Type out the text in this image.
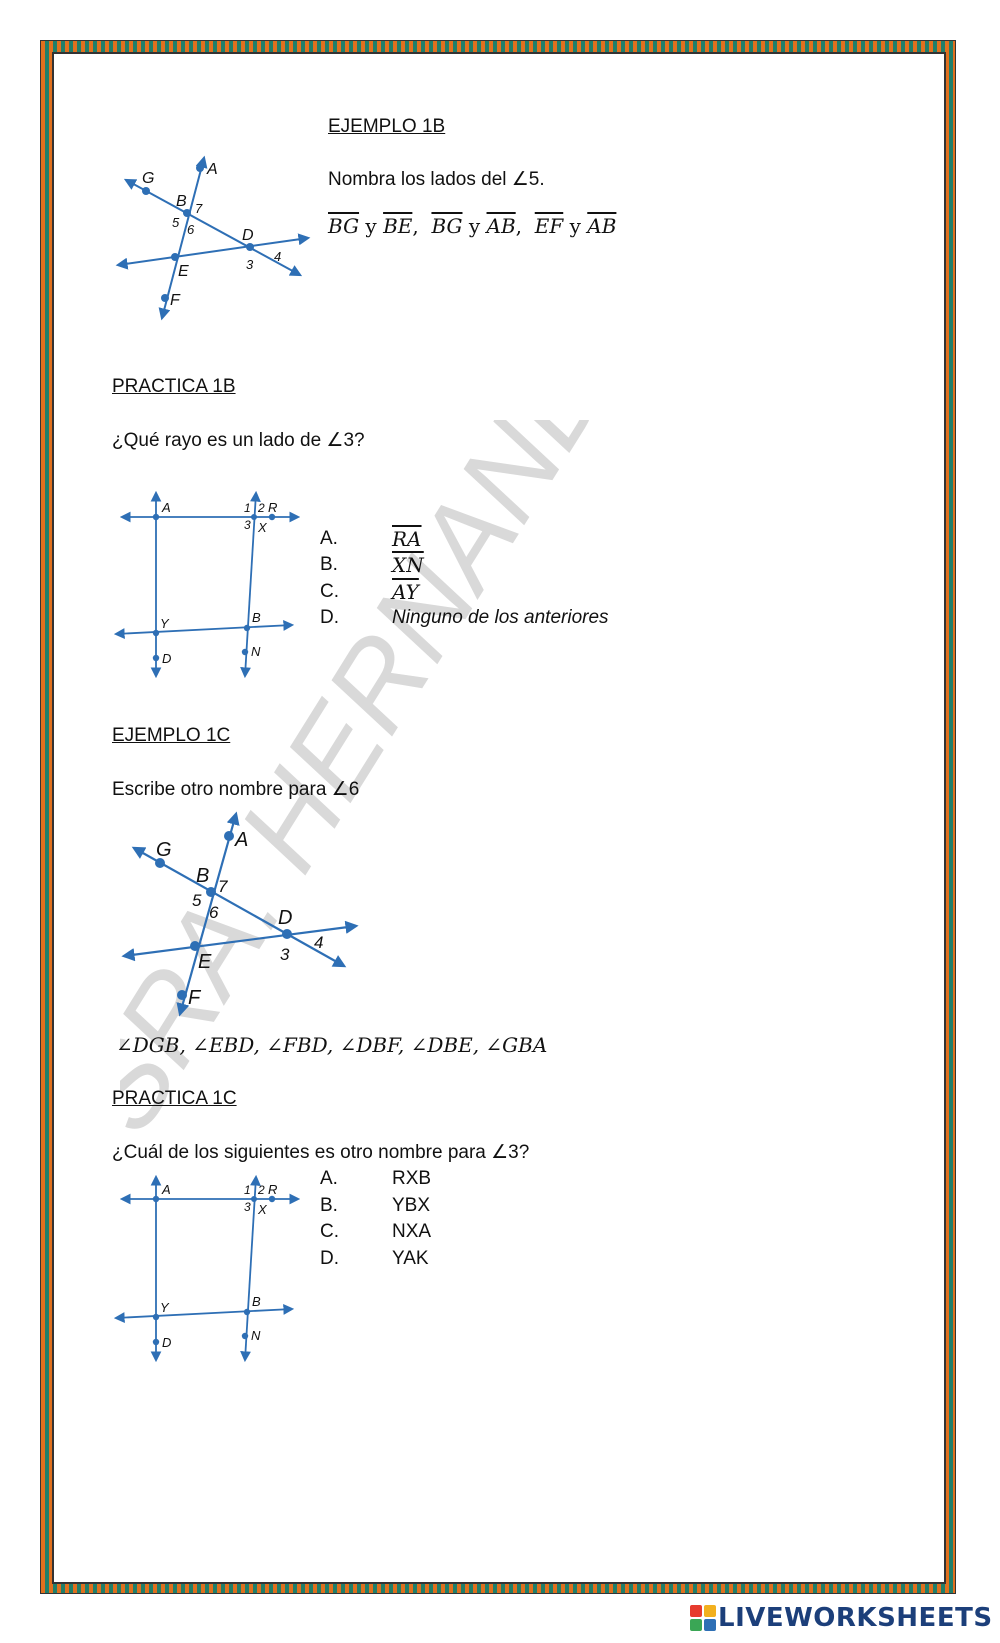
EJEMPLO 1B
Nombra los lados del ∠5.
$\overline{BG}$ y $\overline{BE}$, $\overline{BG}$ y $\overline{AB}$, $\overline{EF}$ y $\overline{AB}$
G
A
B
D
E
F
5 6
7
3
4
PRACTICA 1B
¿Qué rayo es un lado de ∠3?
A	R
X
Y	B
D	N
1 2
3
A.	$\overline{RA}$
B.	$\overline{XN}$
C.	$\overline{AY}$
D.	Ninguno de los anteriores
EJEMPLO 1C
Escribe otro nombre para ∠6
G	A
B
D
E
F
5
6
7
3
4
∠DGB, ∠EBD, ∠FBD, ∠DBF, ∠DBE, ∠GBA
PRACTICA 1C
¿Cuál de los siguientes es otro nombre para ∠3?
A	R
X
Y	B
D	N
1 2
3
A.	RXB
B.	YBX
C.	NXA
D.	YAK
LIVEWORKSHEETS
